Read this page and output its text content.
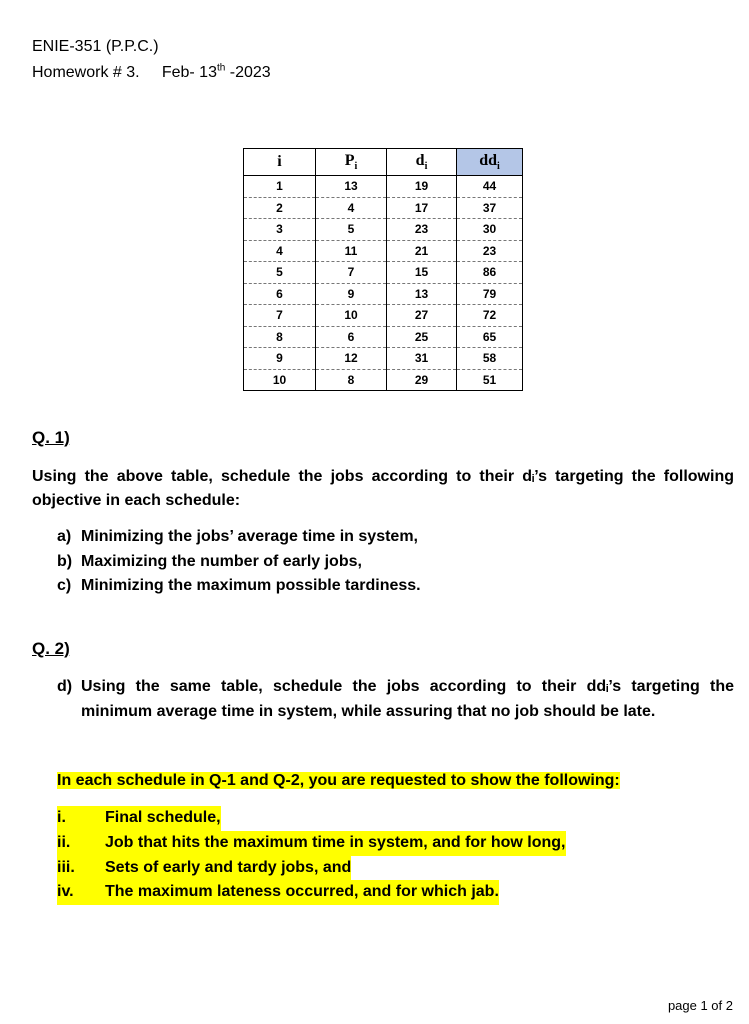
ENIE-351 (P.P.C.)
Homework # 3. Feb- 13th -2023
i	$P_i$	$d_i$	$dd_i$
1	13	19	44
2	4	17	37
3	5	23	30
4	11	21	23
5	7	15	86
6	9	13	79
7	10	27	72
8	6	25	65
9	12	31	58
10	8	29	51
Q. 1)
Using the above table, schedule the jobs according to their dᵢ’s targeting the following objective in each schedule:
a) Minimizing the jobs’ average time in system,
b) Maximizing the number of early jobs,
c) Minimizing the maximum possible tardiness.
Q. 2)
d) Using the same table, schedule the jobs according to their ddᵢ’s targeting the minimum average time in system, while assuring that no job should be late.
In each schedule in Q-1 and Q-2, you are requested to show the following:
i. Final schedule,
ii. Job that hits the maximum time in system, and for how long,
iii. Sets of early and tardy jobs, and
iv. The maximum lateness occurred, and for which jab.
page 1 of 2
